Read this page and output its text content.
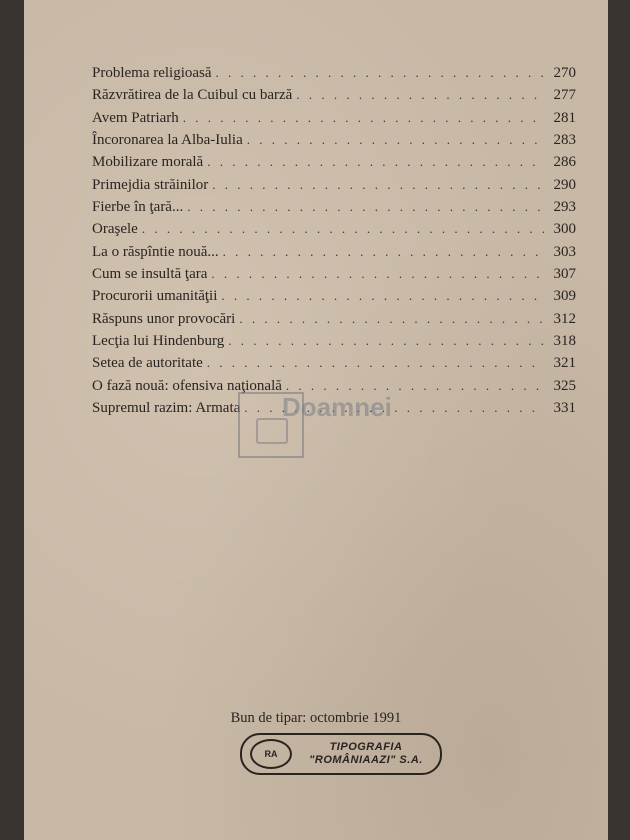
Problema religioasă . . .	270
Răzvrătirea de la Cuibul cu barză . . .	277
Avem Patriarh . . .	281
Încoronarea la Alba-Iulia . . .	283
Mobilizare morală . . .	286
Primejdia străinilor . . .	290
Fierbe în ţară... . . .	293
Oraşele . . .	300
La o răspîntie nouă... . . .	303
Cum se insultă ţara . . .	307
Procurorii umanităţii . . .	309
Răspuns unor provocări . . .	312
Lecţia lui Hindenburg . . .	318
Setea de autoritate . . .	321
O fază nouă: ofensiva naţională . . .	325
Supremul razim: Armata . . .	331
Doamnei
Bun de tipar: octombrie 1991
RA
TIPOGRAFIA
"ROMÂNIAAZI" S.A.
